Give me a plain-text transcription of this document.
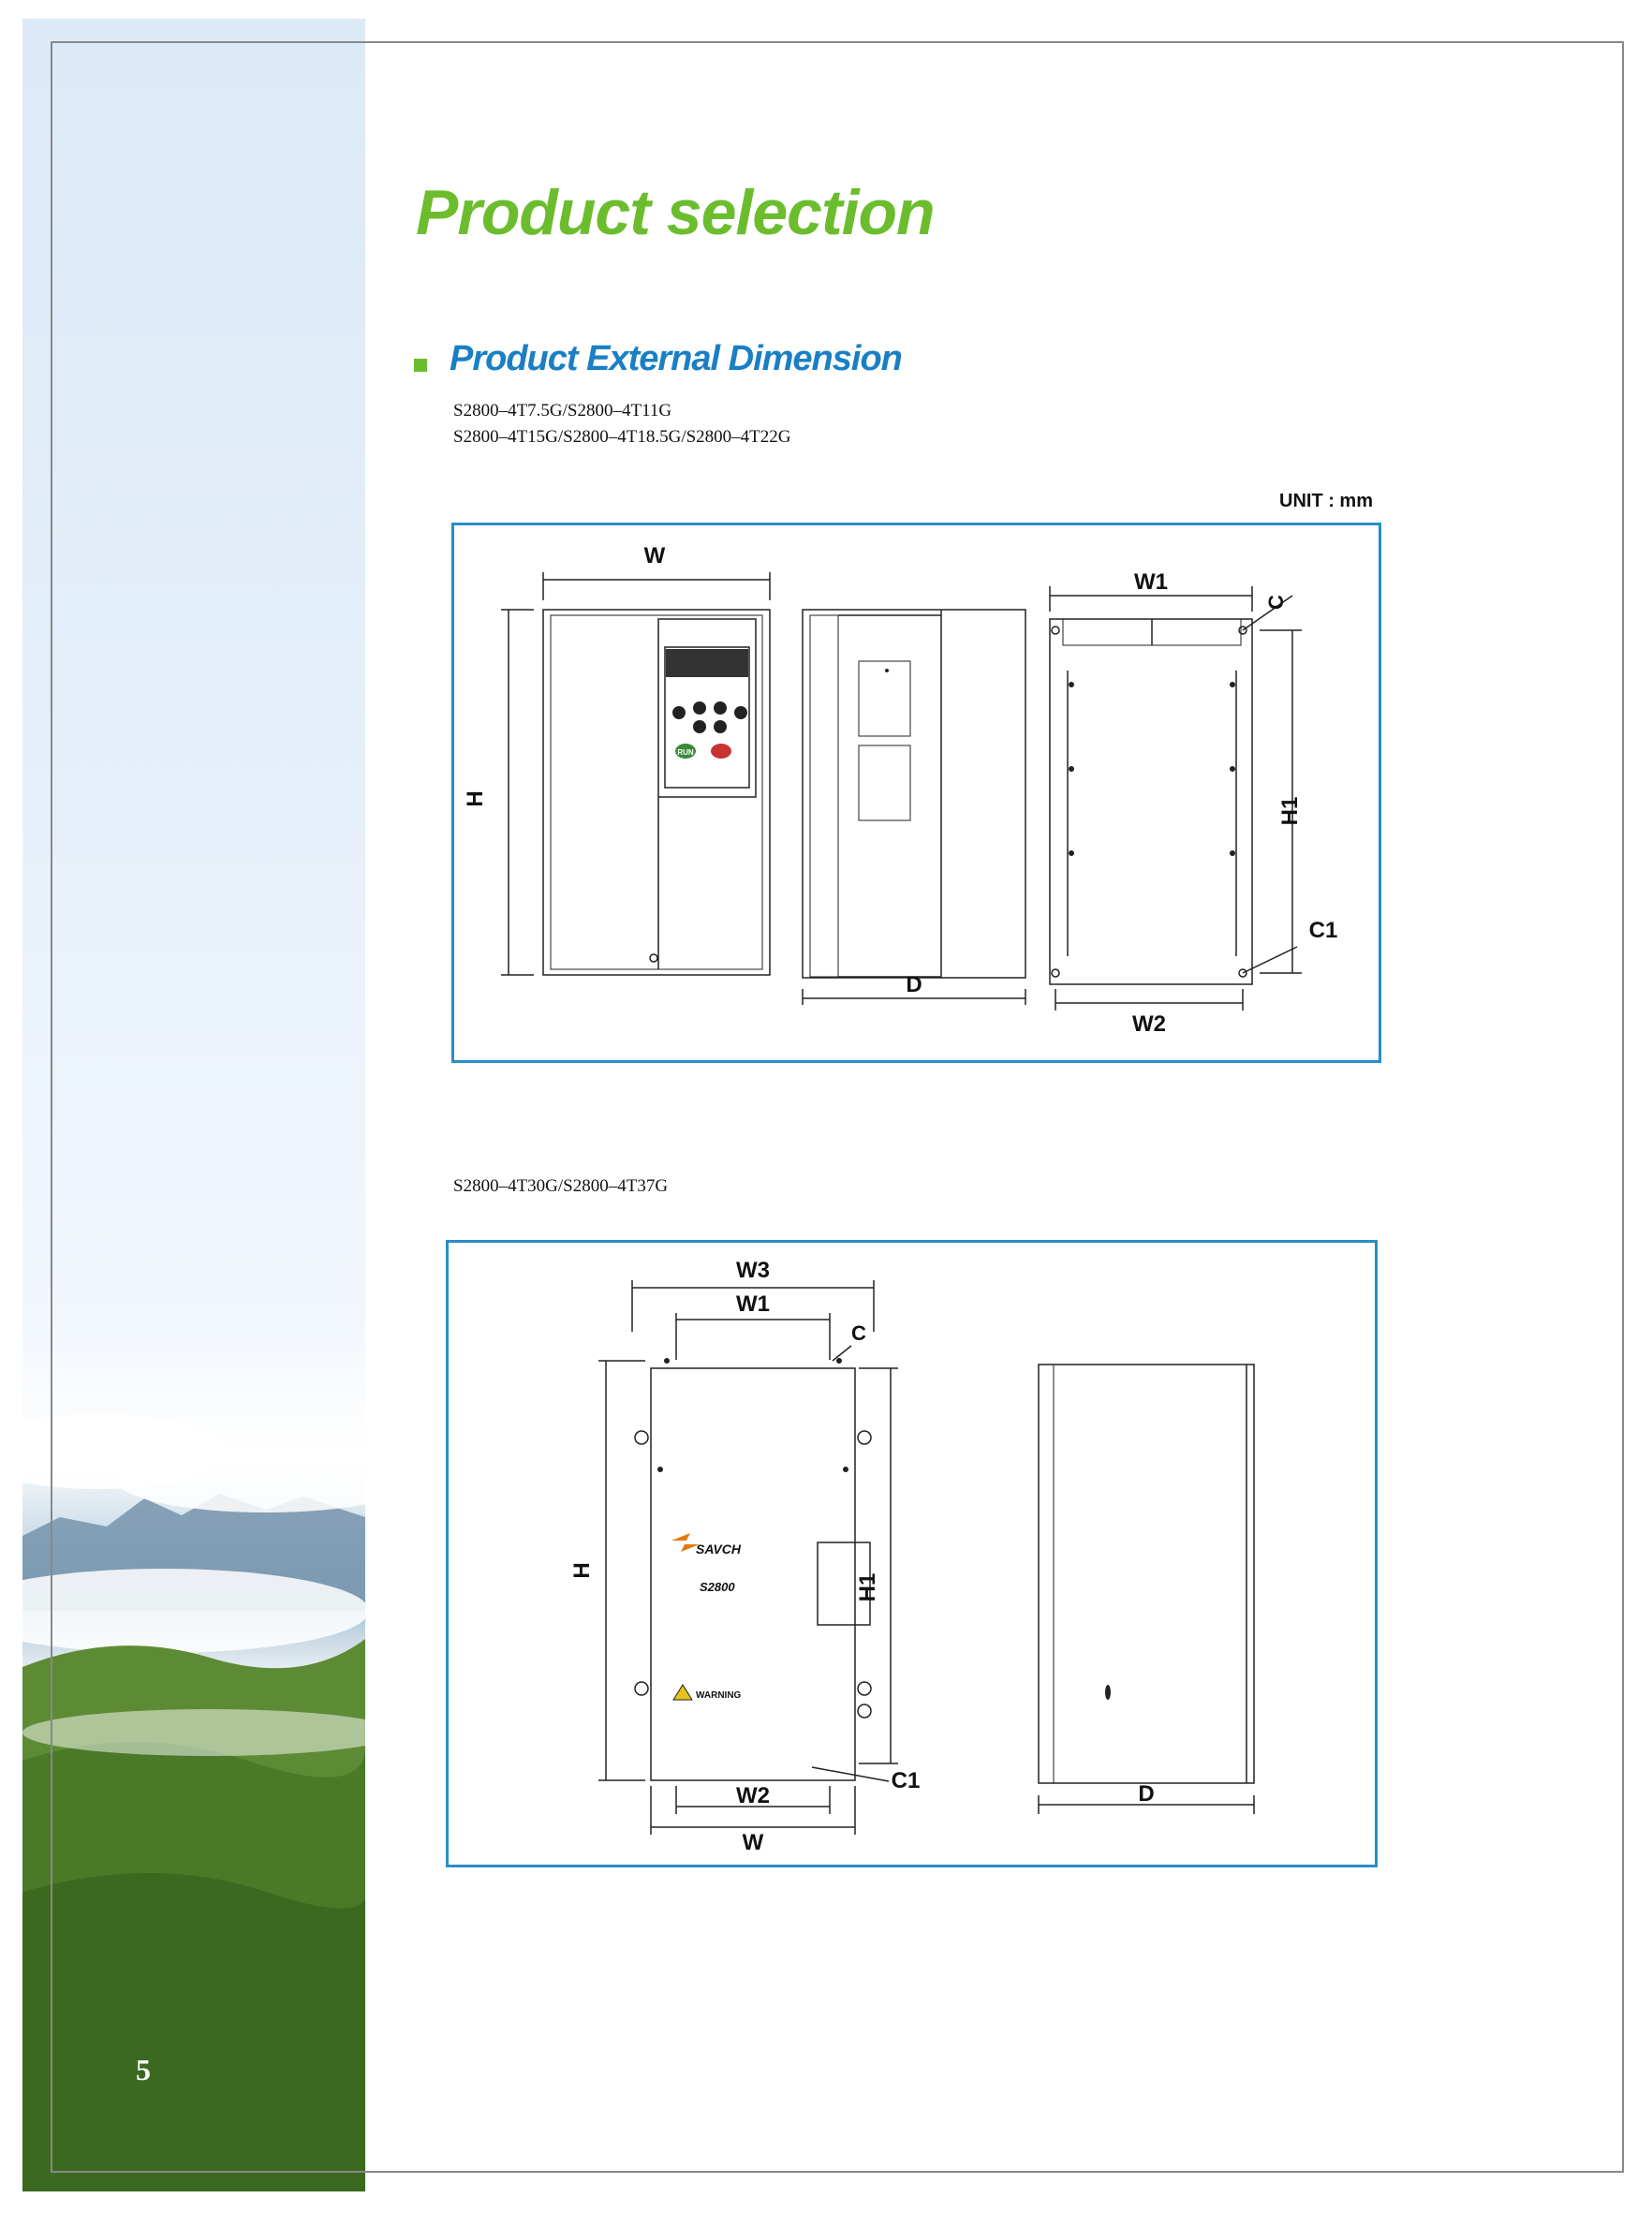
5
Product selection
Product External Dimension
S2800–4T7.5G/S2800–4T11G
S2800–4T15G/S2800–4T18.5G/S2800–4T22G
UNIT : mm
W
H
D
W1
C
H1
C1
W2
RUN
S2800–4T30G/S2800–4T37G
W3
W1
C
H
H1
C1
W2
W
D
SAVCH
S2800
WARNING
